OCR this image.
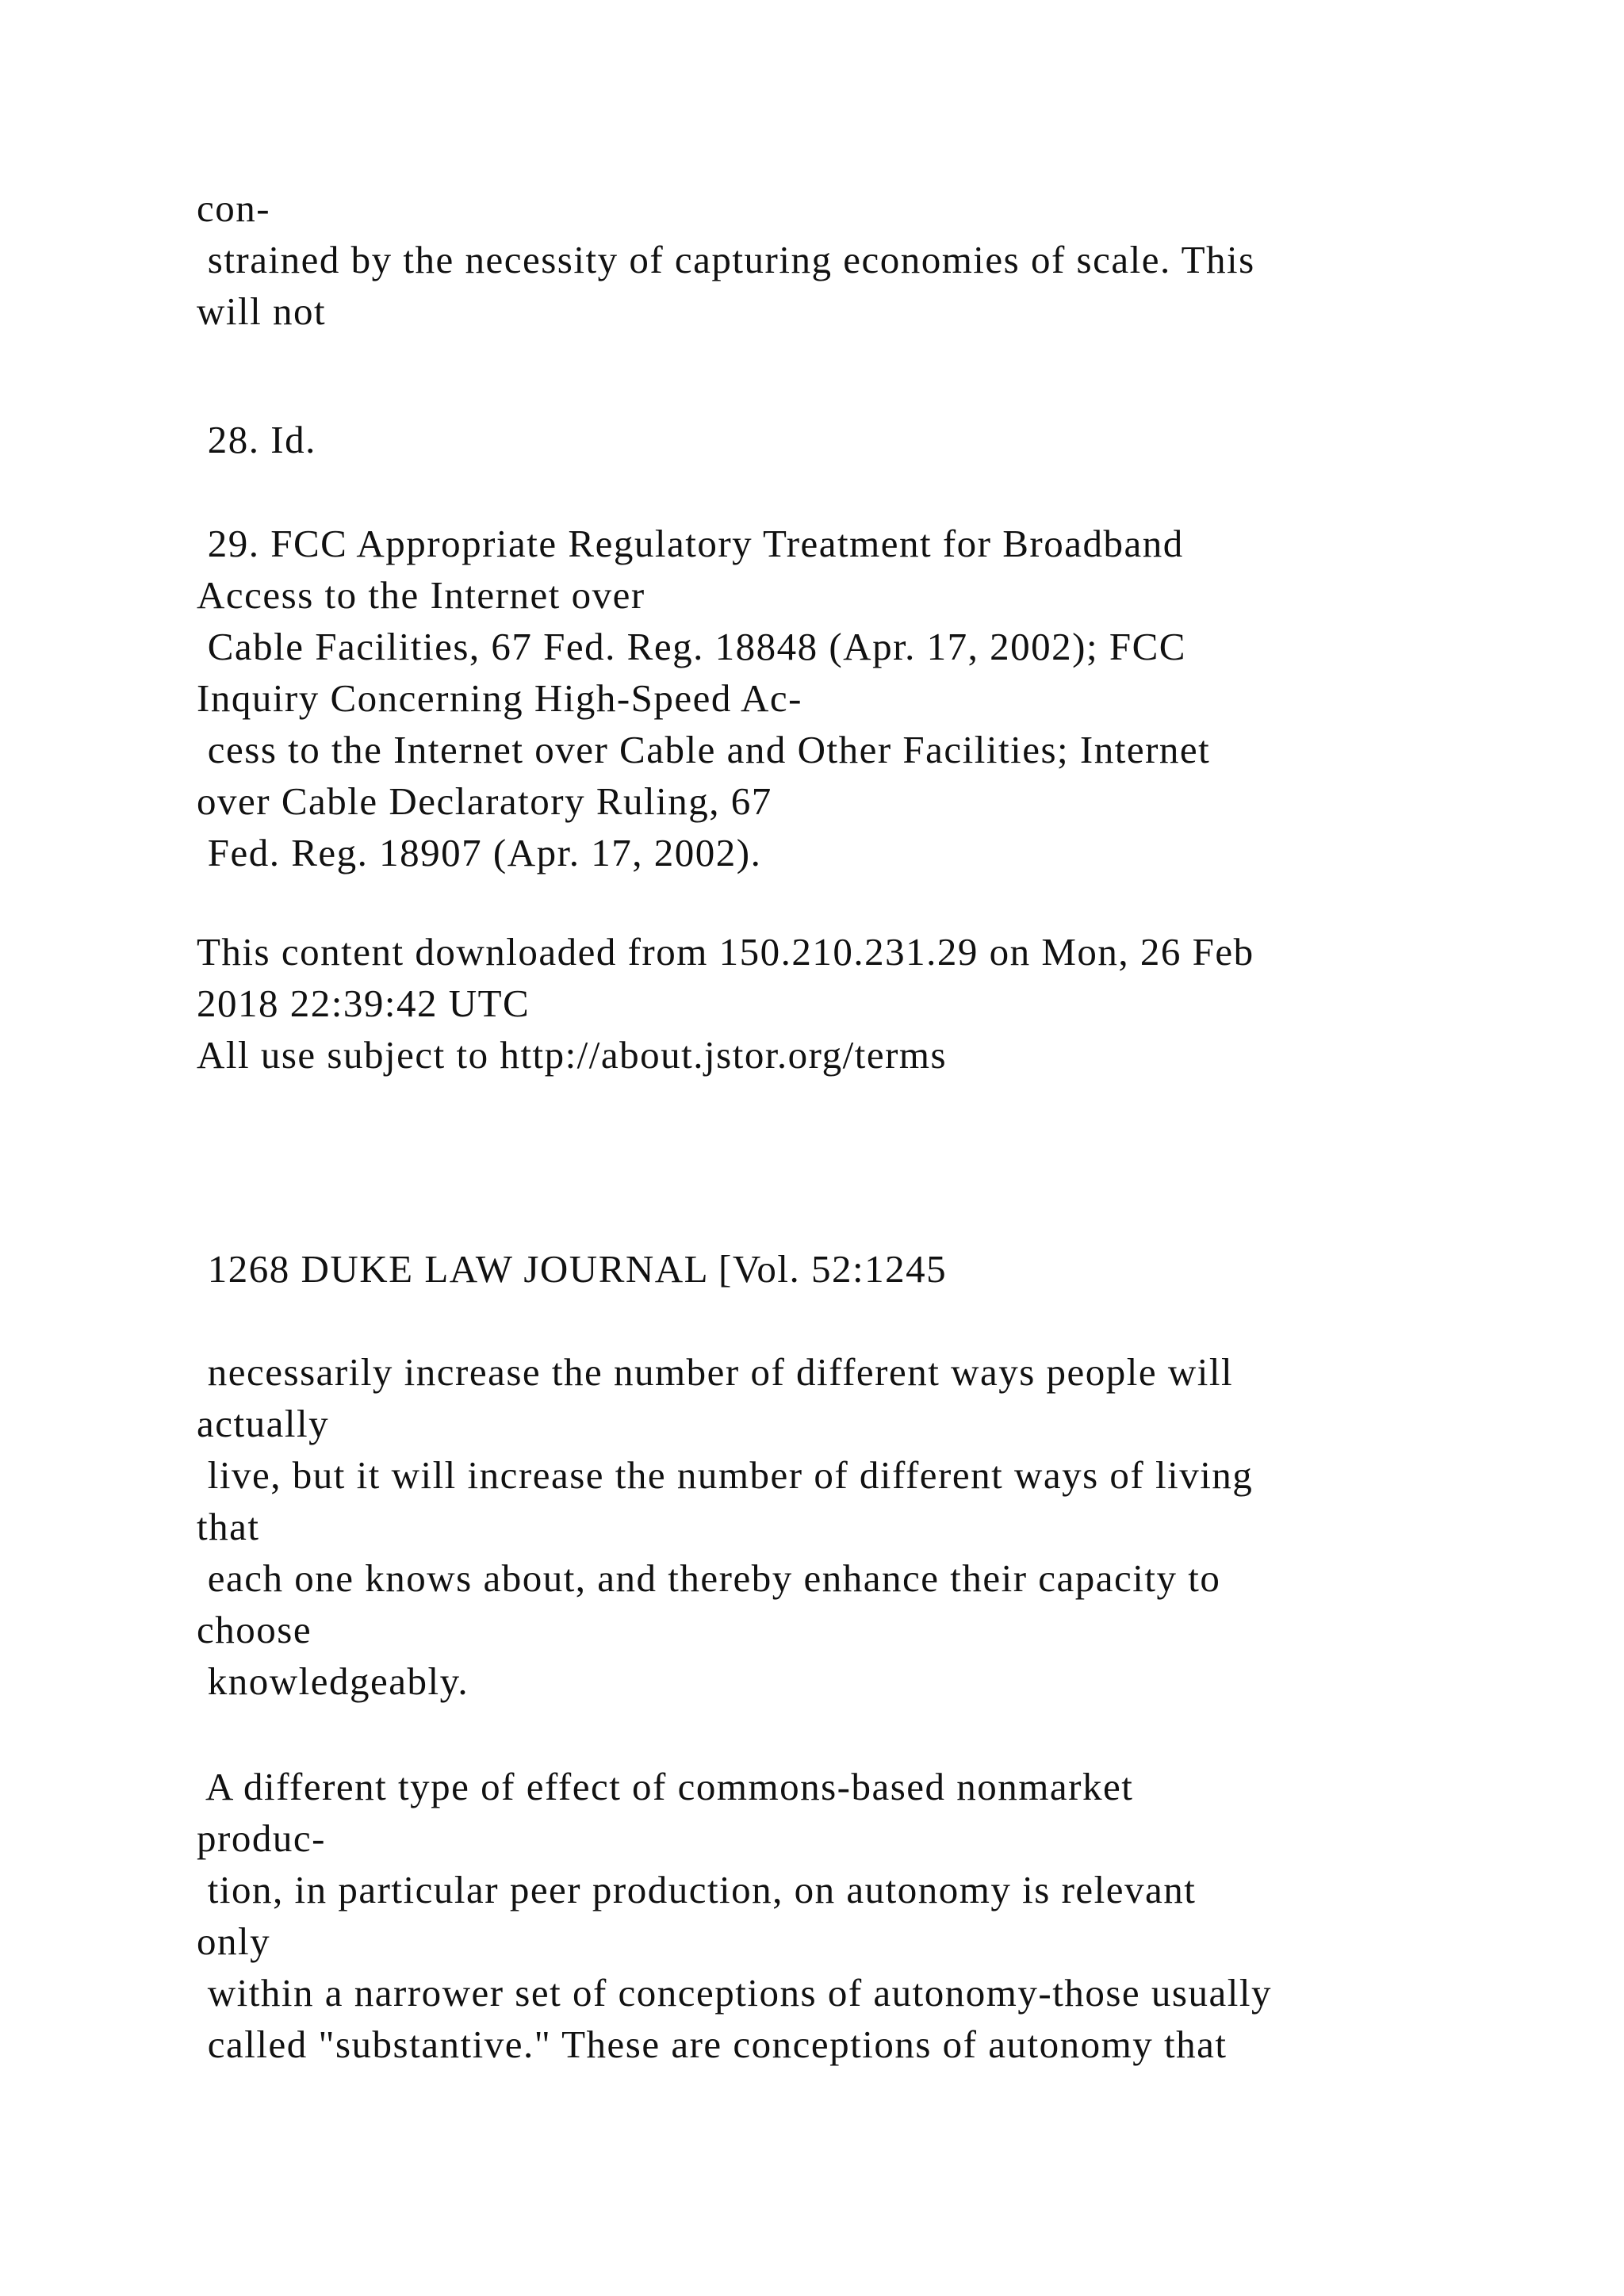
con-
strained by the necessity of capturing economies of scale. This
will not
28. Id.
29. FCC Appropriate Regulatory Treatment for Broadband
Access to the Internet over
Cable Facilities, 67 Fed. Reg. 18848 (Apr. 17, 2002); FCC
Inquiry Concerning High-Speed Ac-
cess to the Internet over Cable and Other Facilities; Internet
over Cable Declaratory Ruling, 67
Fed. Reg. 18907 (Apr. 17, 2002).
This content downloaded from 150.210.231.29 on Mon, 26 Feb
2018 22:39:42 UTC
All use subject to http://about.jstor.org/terms
1268 DUKE LAW JOURNAL [Vol. 52:1245
necessarily increase the number of different ways people will
actually
live, but it will increase the number of different ways of living
that
each one knows about, and thereby enhance their capacity to
choose
knowledgeably.
A different type of effect of commons-based nonmarket
produc-
tion, in particular peer production, on autonomy is relevant
only
within a narrower set of conceptions of autonomy-those usually
called "substantive." These are conceptions of autonomy that
